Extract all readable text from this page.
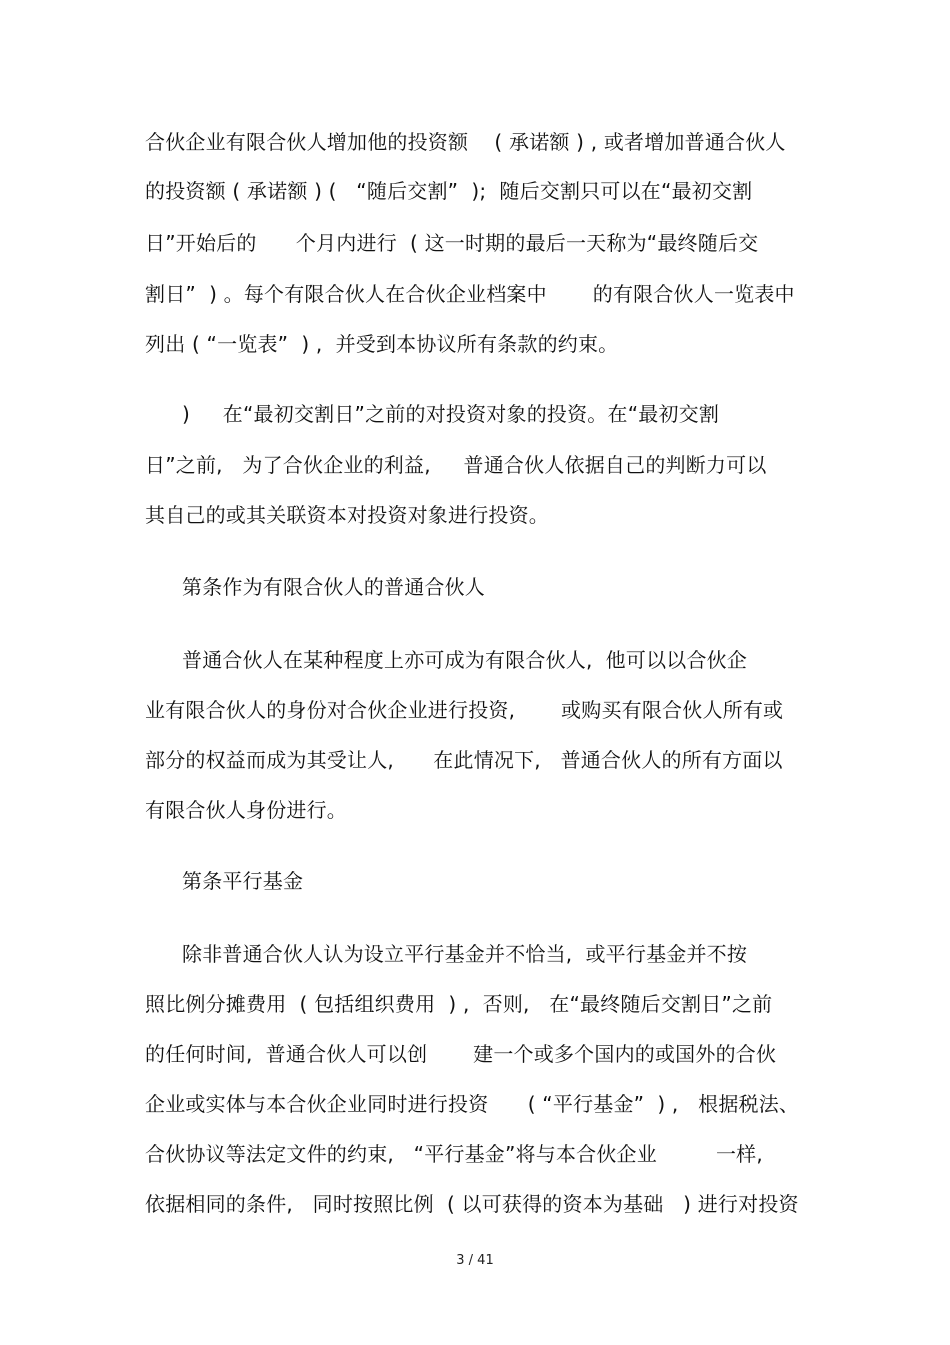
合伙企业有限合伙人增加他的投资额    ( 承诺额 ) , 或者增加普通合伙人
的投资额 ( 承诺额 ) (   “随后交割”  );  随后交割只可以在“最初交割
日”开始后的      个月内进行  ( 这一时期的最后一天称为“最终随后交
割日”  ) 。每个有限合伙人在合伙企业档案中       的有限合伙人一览表中
列出 ( “一览表”  ) ,  并受到本协议所有条款的约束。
)     在“最初交割日”之前的对投资对象的投资。在“最初交割
日”之前,   为了合伙企业的利益,     普通合伙人依据自己的判断力可以
其自己的或其关联资本对投资对象进行投资。
第条作为有限合伙人的普通合伙人
普通合伙人在某种程度上亦可成为有限合伙人,  他可以以合伙企
业有限合伙人的身份对合伙企业进行投资,       或购买有限合伙人所有或
部分的权益而成为其受让人,      在此情况下,   普通合伙人的所有方面以
有限合伙人身份进行。
第条平行基金
除非普通合伙人认为设立平行基金并不恰当,  或平行基金并不按
照比例分摊费用  ( 包括组织费用  ) ,  否则,   在“最终随后交割日”之前
的任何时间,  普通合伙人可以创       建一个或多个国内的或国外的合伙
企业或实体与本合伙企业同时进行投资      ( “平行基金”  ) ,   根据税法、
合伙协议等法定文件的约束,   “平行基金”将与本合伙企业         一样,
依据相同的条件,   同时按照比例  ( 以可获得的资本为基础   ) 进行对投资
3 / 41
